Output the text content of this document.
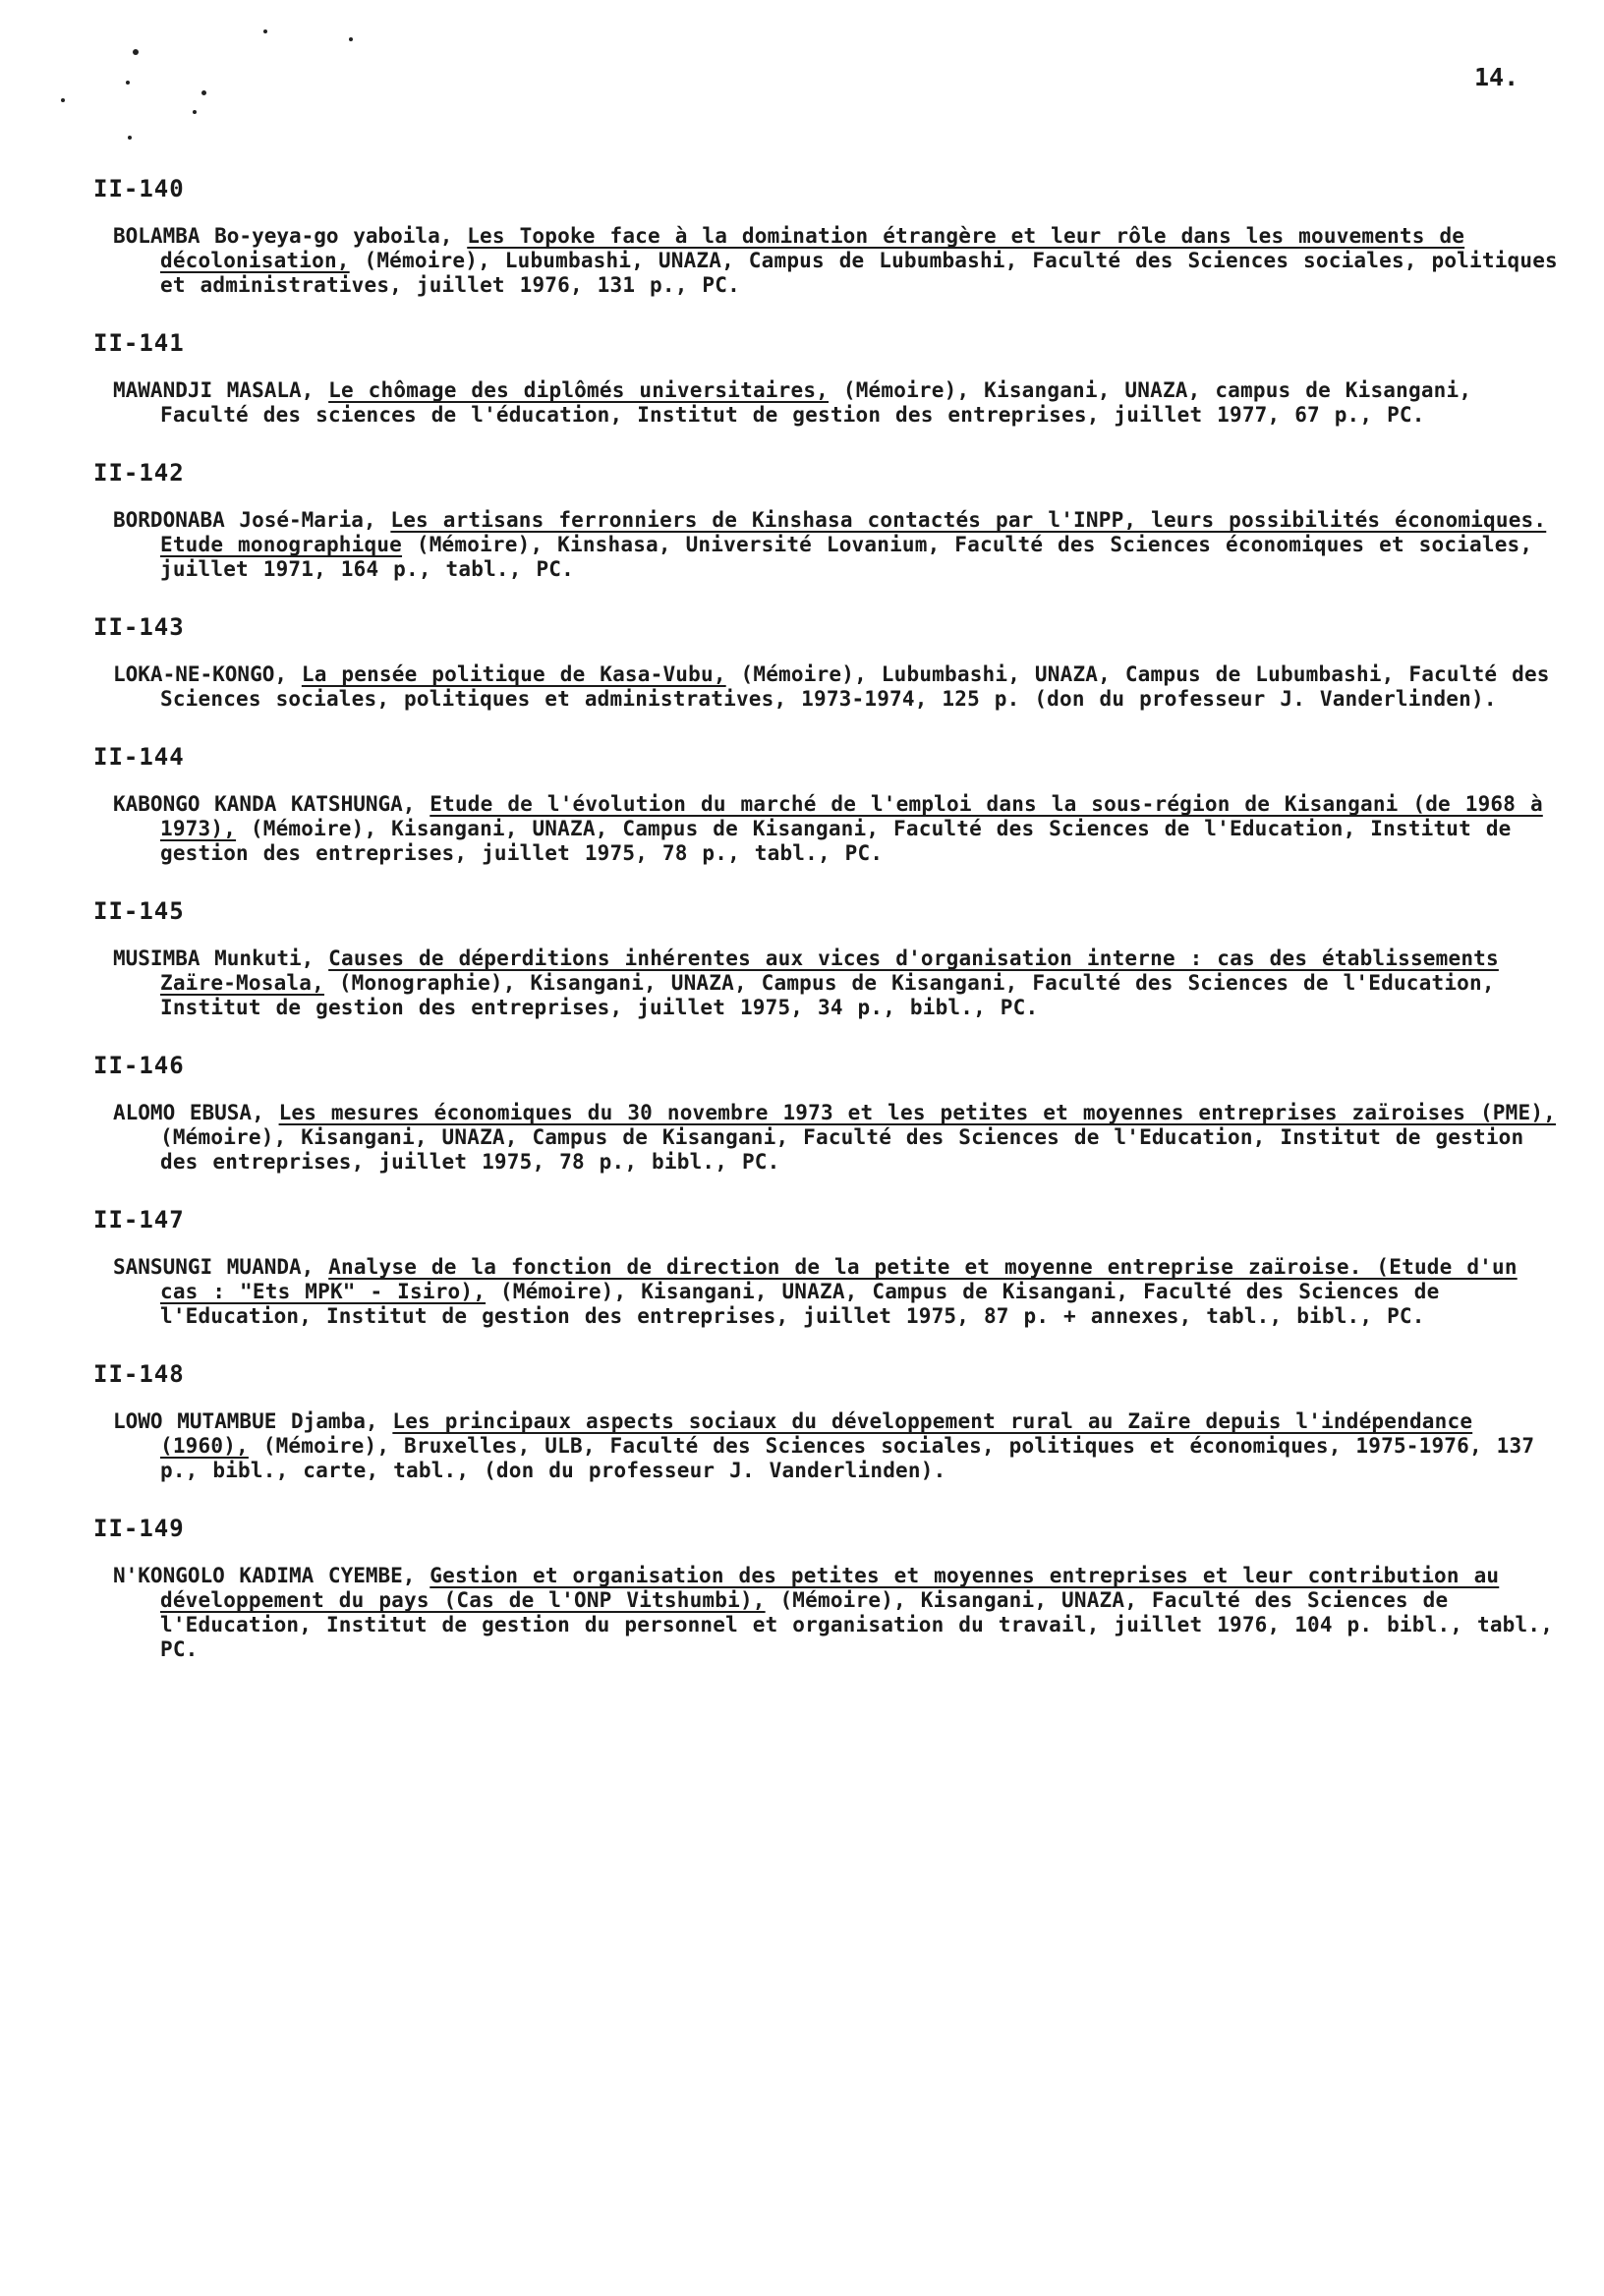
14.
II-140
BOLAMBA Bo-yeya-go yaboila, Les Topoke face à la domination étrangère et leur rôle dans les mouvements de décolonisation, (Mémoire), Lubumbashi, UNAZA, Campus de Lubumbashi, Faculté des Sciences sociales, politiques et administratives, juillet 1976, 131 p., PC.
II-141
MAWANDJI MASALA, Le chômage des diplômés universitaires, (Mémoire), Kisangani, UNAZA, campus de Kisangani, Faculté des sciences de l'éducation, Institut de gestion des entreprises, juillet 1977, 67 p., PC.
II-142
BORDONABA José-Maria, Les artisans ferronniers de Kinshasa contactés par l'INPP, leurs possibilités économiques. Etude monographique (Mémoire), Kinshasa, Université Lovanium, Faculté des Sciences économiques et sociales, juillet 1971, 164 p., tabl., PC.
II-143
LOKA-NE-KONGO, La pensée politique de Kasa-Vubu, (Mémoire), Lubumbashi, UNAZA, Campus de Lubumbashi, Faculté des Sciences sociales, politiques et administratives, 1973-1974, 125 p. (don du professeur J. Vanderlinden).
II-144
KABONGO KANDA KATSHUNGA, Etude de l'évolution du marché de l'emploi dans la sous-région de Kisangani (de 1968 à 1973), (Mémoire), Kisangani, UNAZA, Campus de Kisangani, Faculté des Sciences de l'Education, Institut de gestion des entreprises, juillet 1975, 78 p., tabl., PC.
II-145
MUSIMBA Munkuti, Causes de déperditions inhérentes aux vices d'organisation interne : cas des établissements Zaïre-Mosala, (Monographie), Kisangani, UNAZA, Campus de Kisangani, Faculté des Sciences de l'Education, Institut de gestion des entreprises, juillet 1975, 34 p., bibl., PC.
II-146
ALOMO EBUSA, Les mesures économiques du 30 novembre 1973 et les petites et moyennes entreprises zaïroises (PME), (Mémoire), Kisangani, UNAZA, Campus de Kisangani, Faculté des Sciences de l'Education, Institut de gestion des entreprises, juillet 1975, 78 p., bibl., PC.
II-147
SANSUNGI MUANDA, Analyse de la fonction de direction de la petite et moyenne entreprise zaïroise. (Etude d'un cas : "Ets MPK" - Isiro), (Mémoire), Kisangani, UNAZA, Campus de Kisangani, Faculté des Sciences de l'Education, Institut de gestion des entreprises, juillet 1975, 87 p. + annexes, tabl., bibl., PC.
II-148
LOWO MUTAMBUE Djamba, Les principaux aspects sociaux du développement rural au Zaïre depuis l'indépendance (1960), (Mémoire), Bruxelles, ULB, Faculté des Sciences sociales, politiques et économiques, 1975-1976, 137 p., bibl., carte, tabl., (don du professeur J. Vanderlinden).
II-149
N'KONGOLO KADIMA CYEMBE, Gestion et organisation des petites et moyennes entreprises et leur contribution au développement du pays (Cas de l'ONP Vitshumbi), (Mémoire), Kisangani, UNAZA, Faculté des Sciences de l'Education, Institut de gestion du personnel et organisation du travail, juillet 1976, 104 p. bibl., tabl., PC.
